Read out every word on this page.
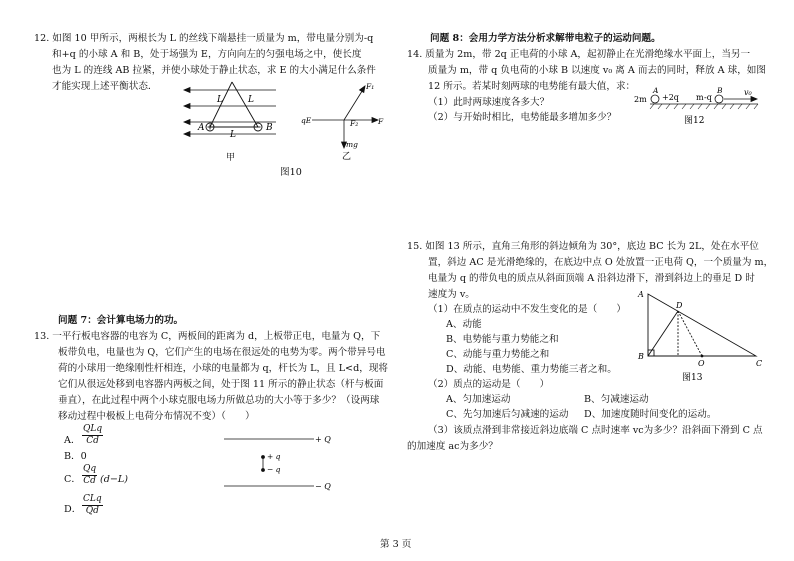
12. 如图 10 甲所示，两根长为 L 的丝线下端悬挂一质量为 m，带电量分别为-q
和+q 的小球 A 和 B，处于场强为 E，方向向左的匀强电场之中，使长度
也为 L 的连线 AB 拉紧，并使小球处于静止状态，求 E 的大小满足什么条件
才能实现上述平衡状态．
L	L
L
A	B
甲
F₁
qE	F₂	F
mg
乙
图10
问题 7：会计算电场力的功。
13. 一平行板电容器的电容为 C，两板间的距离为 d，上板带正电，电量为 Q，下
板带负电，电量也为 Q，它们产生的电场在很远处的电势为零。两个带异号电
荷的小球用一绝缘刚性杆相连，小球的电量都为 q，杆长为 L，且 L<d，现将
它们从很远处移到电容器内两板之间，处于图 11 所示的静止状态（杆与板面
垂直），在此过程中两个小球克服电场力所做总功的大小等于多少？（设两球
移动过程中极板上电荷分布情况不变）（　　）
A．
QLq
Cd
B．0
C． $\frac{Qq}{Cd} (d-L)$
D．
CLq
Qd
+ Q
− Q
+ q
− q
问题 8：会用力学方法分析求解带电粒子的运动问题。
14. 质量为 2m，带 2q 正电荷的小球 A，起初静止在光滑绝缘水平面上，当另一
质量为 m，带 q 负电荷的小球 B 以速度 v₀ 离 A 而去的同时，释放 A 球，如图
12 所示。若某时刻两球的电势能有最大值，求：
（1）此时两球速度各多大？
（2）与开始时相比，电势能最多增加多少？
2m +2q
A
m -q
B	v₀
图12
15. 如图 13 所示，直角三角形的斜边倾角为 30°，底边 BC 长为 2L，处在水平位
置，斜边 AC 是光滑绝缘的，在底边中点 O 处放置一正电荷 Q，一个质量为 m，
电量为 q 的带负电的质点从斜面顶端 A 沿斜边滑下，滑到斜边上的垂足 D 时
速度为 v。
（1）在质点的运动中不发生变化的是（　　）
A、动能
B、电势能与重力势能之和
C、动能与重力势能之和
D、动能、电势能、重力势能三者之和。
（2）质点的运动是（　　）
A、匀加速运动	B、匀减速运动
C、先匀加速后匀减速的运动 D、加速度随时间变化的运动。
（3）该质点滑到非常接近斜边底端 C 点时速率 vc为多少？沿斜面下滑到 C 点
的加速度 ac为多少？
A
D
B
O	C
图13
第 3 页
